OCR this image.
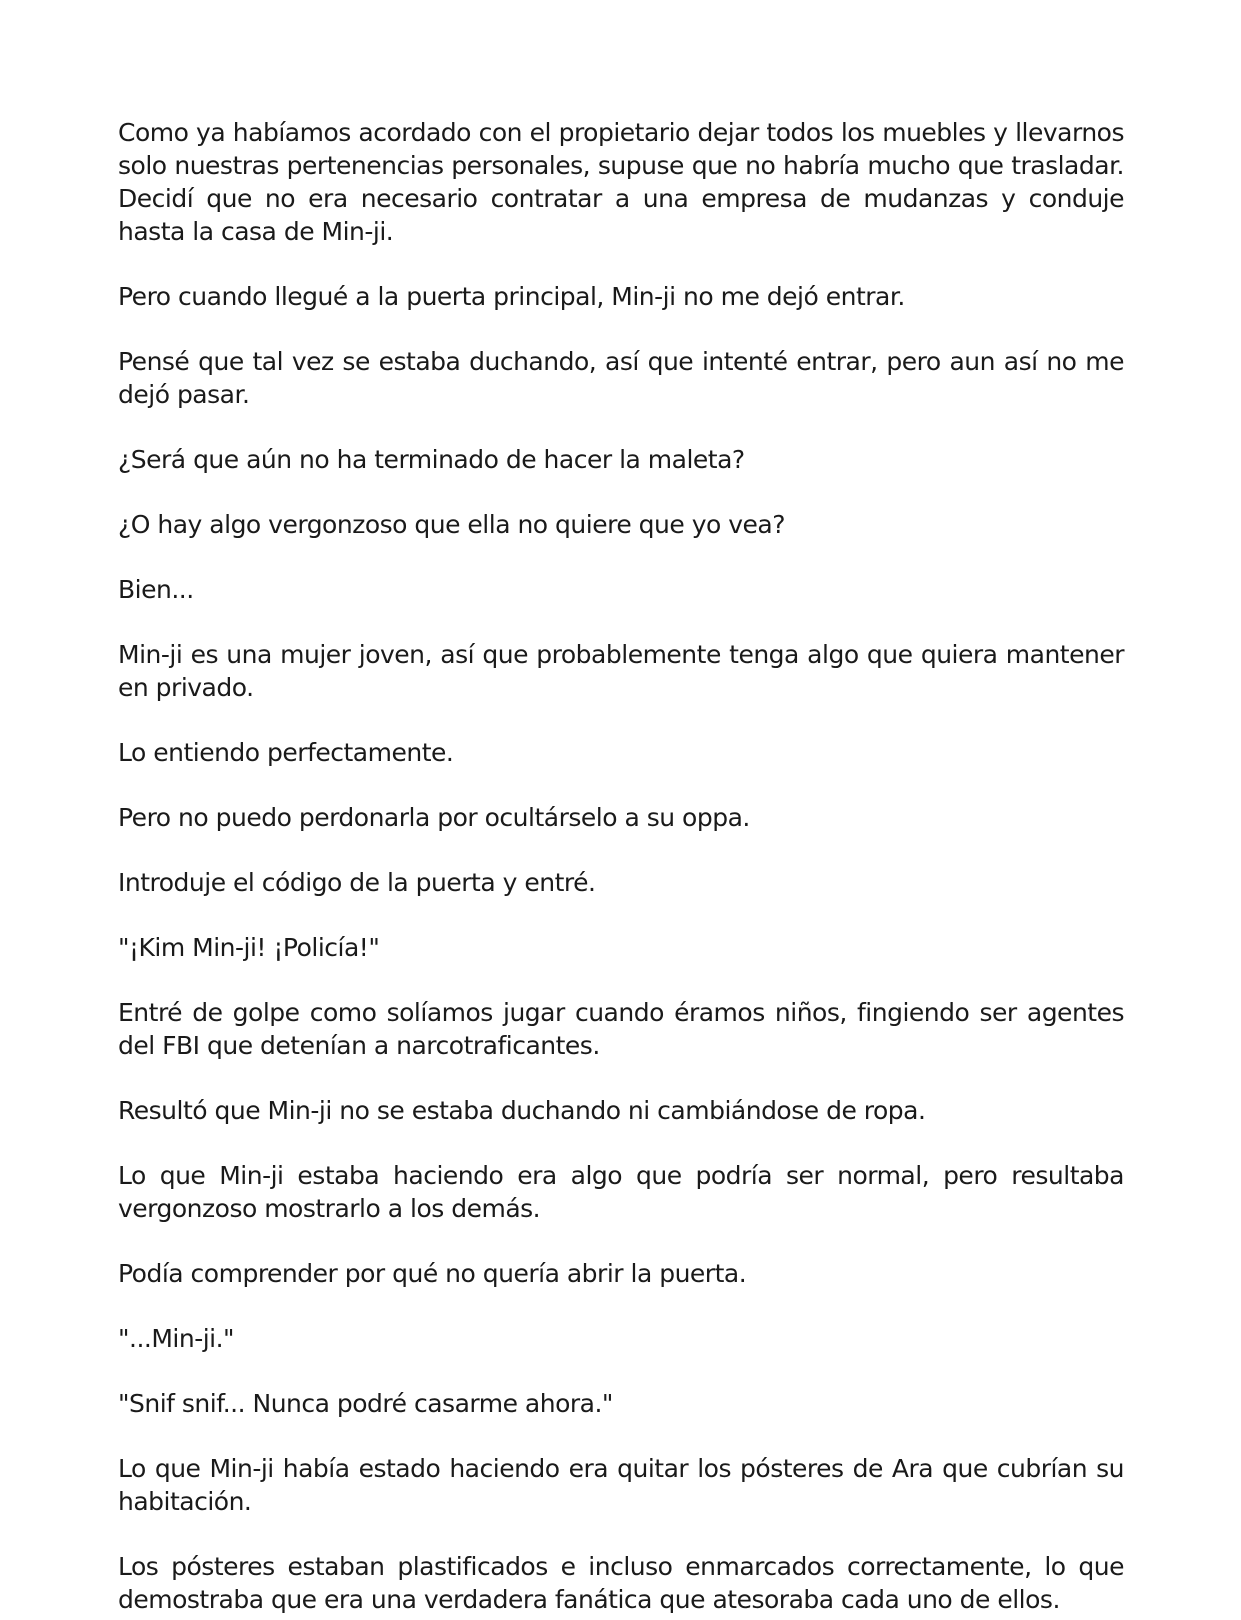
Como ya habíamos acordado con el propietario dejar todos los muebles y llevarnos solo nuestras pertenencias personales, supuse que no habría mucho que trasladar. Decidí que no era necesario contratar a una empresa de mudanzas y conduje hasta la casa de Min-ji.

Pero cuando llegué a la puerta principal, Min-ji no me dejó entrar.

Pensé que tal vez se estaba duchando, así que intenté entrar, pero aun así no me dejó pasar.

¿Será que aún no ha terminado de hacer la maleta?

¿O hay algo vergonzoso que ella no quiere que yo vea?

Bien...

Min-ji es una mujer joven, así que probablemente tenga algo que quiera mantener en privado.

Lo entiendo perfectamente.

Pero no puedo perdonarla por ocultárselo a su oppa.

Introduje el código de la puerta y entré.

"¡Kim Min-ji! ¡Policía!"

Entré de golpe como solíamos jugar cuando éramos niños, fingiendo ser agentes del FBI que detenían a narcotraficantes.

Resultó que Min-ji no se estaba duchando ni cambiándose de ropa.

Lo que Min-ji estaba haciendo era algo que podría ser normal, pero resultaba vergonzoso mostrarlo a los demás.

Podía comprender por qué no quería abrir la puerta.

"...Min-ji."

"Snif snif... Nunca podré casarme ahora."

Lo que Min-ji había estado haciendo era quitar los pósteres de Ara que cubrían su habitación.

Los pósteres estaban plastificados e incluso enmarcados correctamente, lo que demostraba que era una verdadera fanática que atesoraba cada uno de ellos.
